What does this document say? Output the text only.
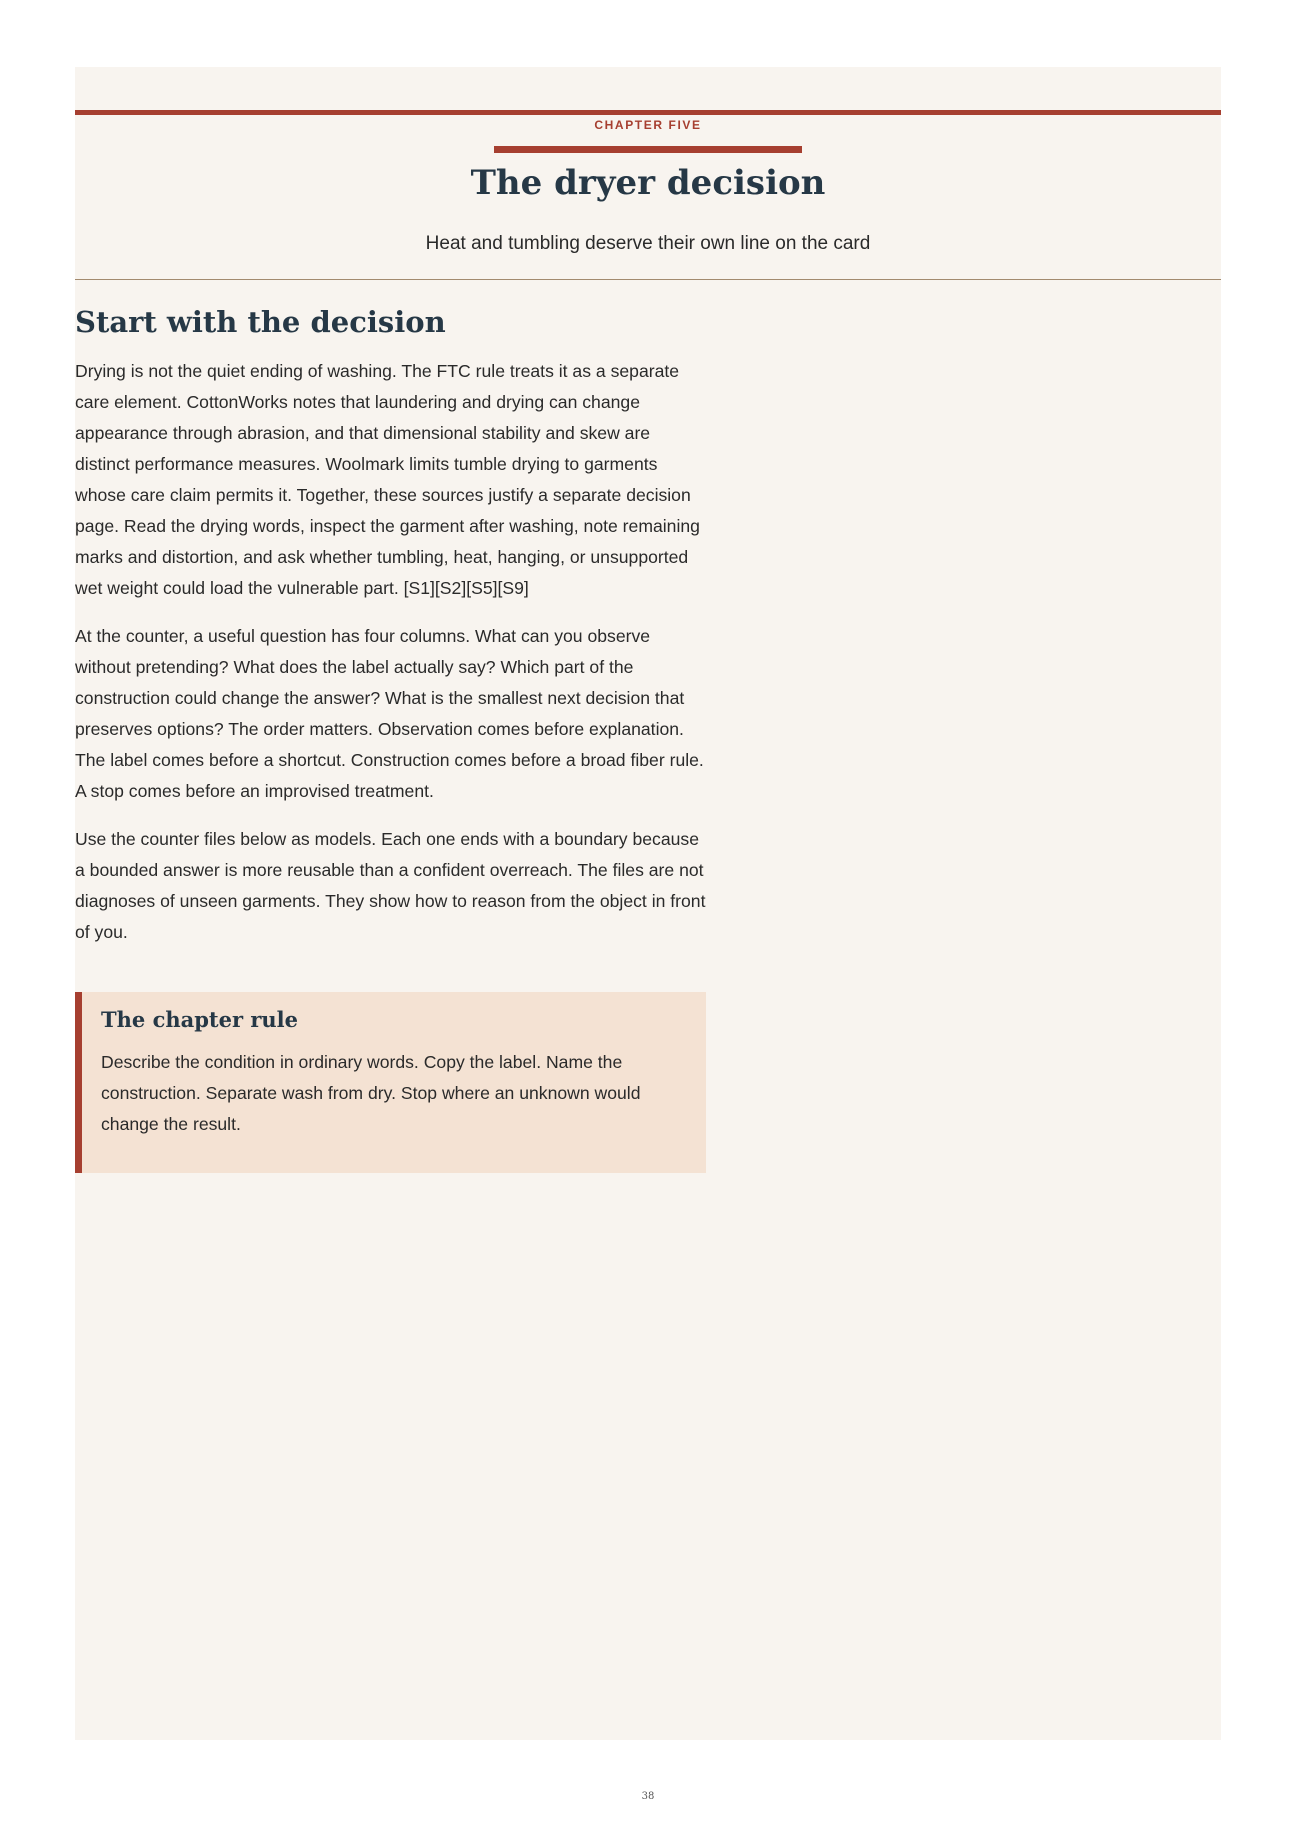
CHAPTER FIVE
The dryer decision
Heat and tumbling deserve their own line on the card
Start with the decision

Drying is not the quiet ending of washing. The FTC rule treats it as a separate care element. CottonWorks notes that laundering and drying can change appearance through abrasion, and that dimensional stability and skew are distinct performance measures. Woolmark limits tumble drying to garments whose care claim permits it. Together, these sources justify a separate decision page. Read the drying words, inspect the garment after washing, note remaining marks and distortion, and ask whether tumbling, heat, hanging, or unsupported wet weight could load the vulnerable part. [S1][S2][S5][S9]

At the counter, a useful question has four columns. What can you observe without pretending? What does the label actually say? Which part of the construction could change the answer? What is the smallest next decision that preserves options? The order matters. Observation comes before explanation. The label comes before a shortcut. Construction comes before a broad fiber rule. A stop comes before an improvised treatment.

Use the counter files below as models. Each one ends with a boundary because a bounded answer is more reusable than a confident overreach. The files are not diagnoses of unseen garments. They show how to reason from the object in front of you.

The chapter rule
Describe the condition in ordinary words. Copy the label. Name the construction. Separate wash from dry. Stop where an unknown would change the result.
38
